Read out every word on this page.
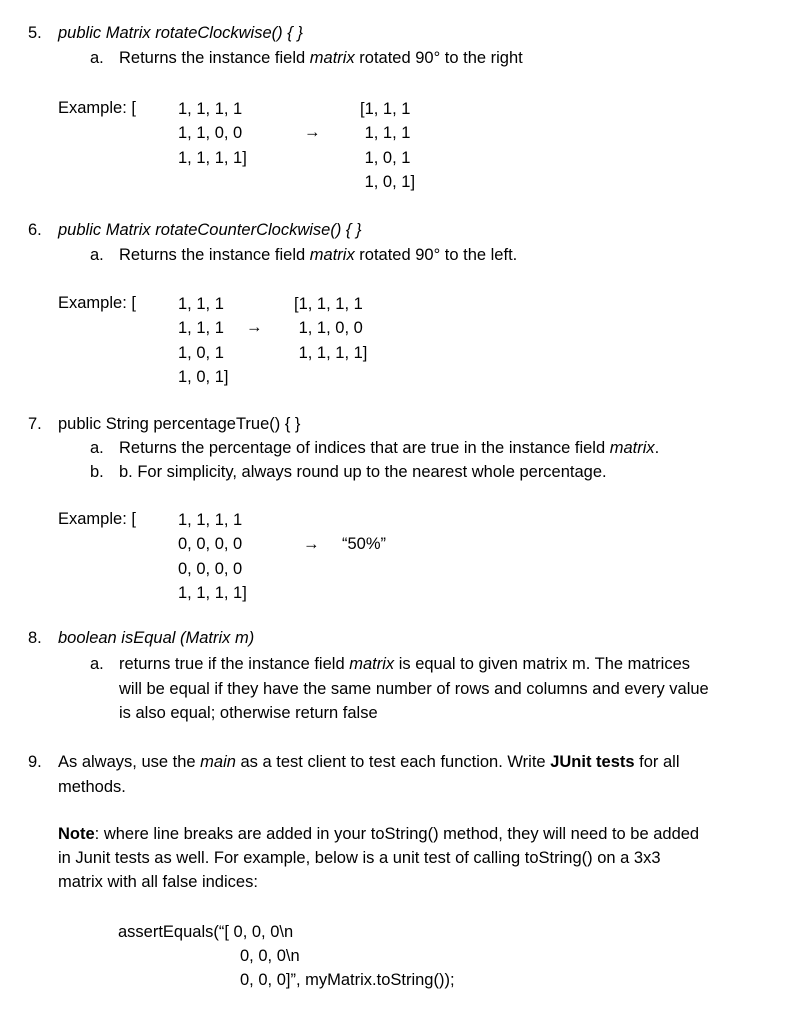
5. public Matrix rotateClockwise() { }
a. Returns the instance field matrix rotated 90° to the right
Example: [	1, 1, 1, 1
1, 1, 0, 0
1, 1, 1, 1]
→
[1, 1, 1
1, 1, 1
1, 0, 1
1, 0, 1]
6. public Matrix rotateCounterClockwise() { }
a. Returns the instance field matrix rotated 90° to the left.
Example: [	1, 1, 1
1, 1, 1
1, 0, 1
1, 0, 1]
→
[1, 1, 1, 1
1, 1, 0, 0
1, 1, 1, 1]
7. public String percentageTrue() { }
a. Returns the percentage of indices that are true in the instance field matrix.
b. b. For simplicity, always round up to the nearest whole percentage.
Example: [	1, 1, 1, 1
0, 0, 0, 0
0, 0, 0, 0
1, 1, 1, 1]
→ “50%”
8. boolean isEqual (Matrix m)
a. returns true if the instance field matrix is equal to given matrix m. The matrices
will be equal if they have the same number of rows and columns and every value
is also equal; otherwise return false
9. As always, use the main as a test client to test each function. Write JUnit tests for all
methods.
Note: where line breaks are added in your toString() method, they will need to be added
in Junit tests as well. For example, below is a unit test of calling toString() on a 3x3
matrix with all false indices:
assertEquals(“[ 0, 0, 0\n
0, 0, 0\n
0, 0, 0]”, myMatrix.toString());
